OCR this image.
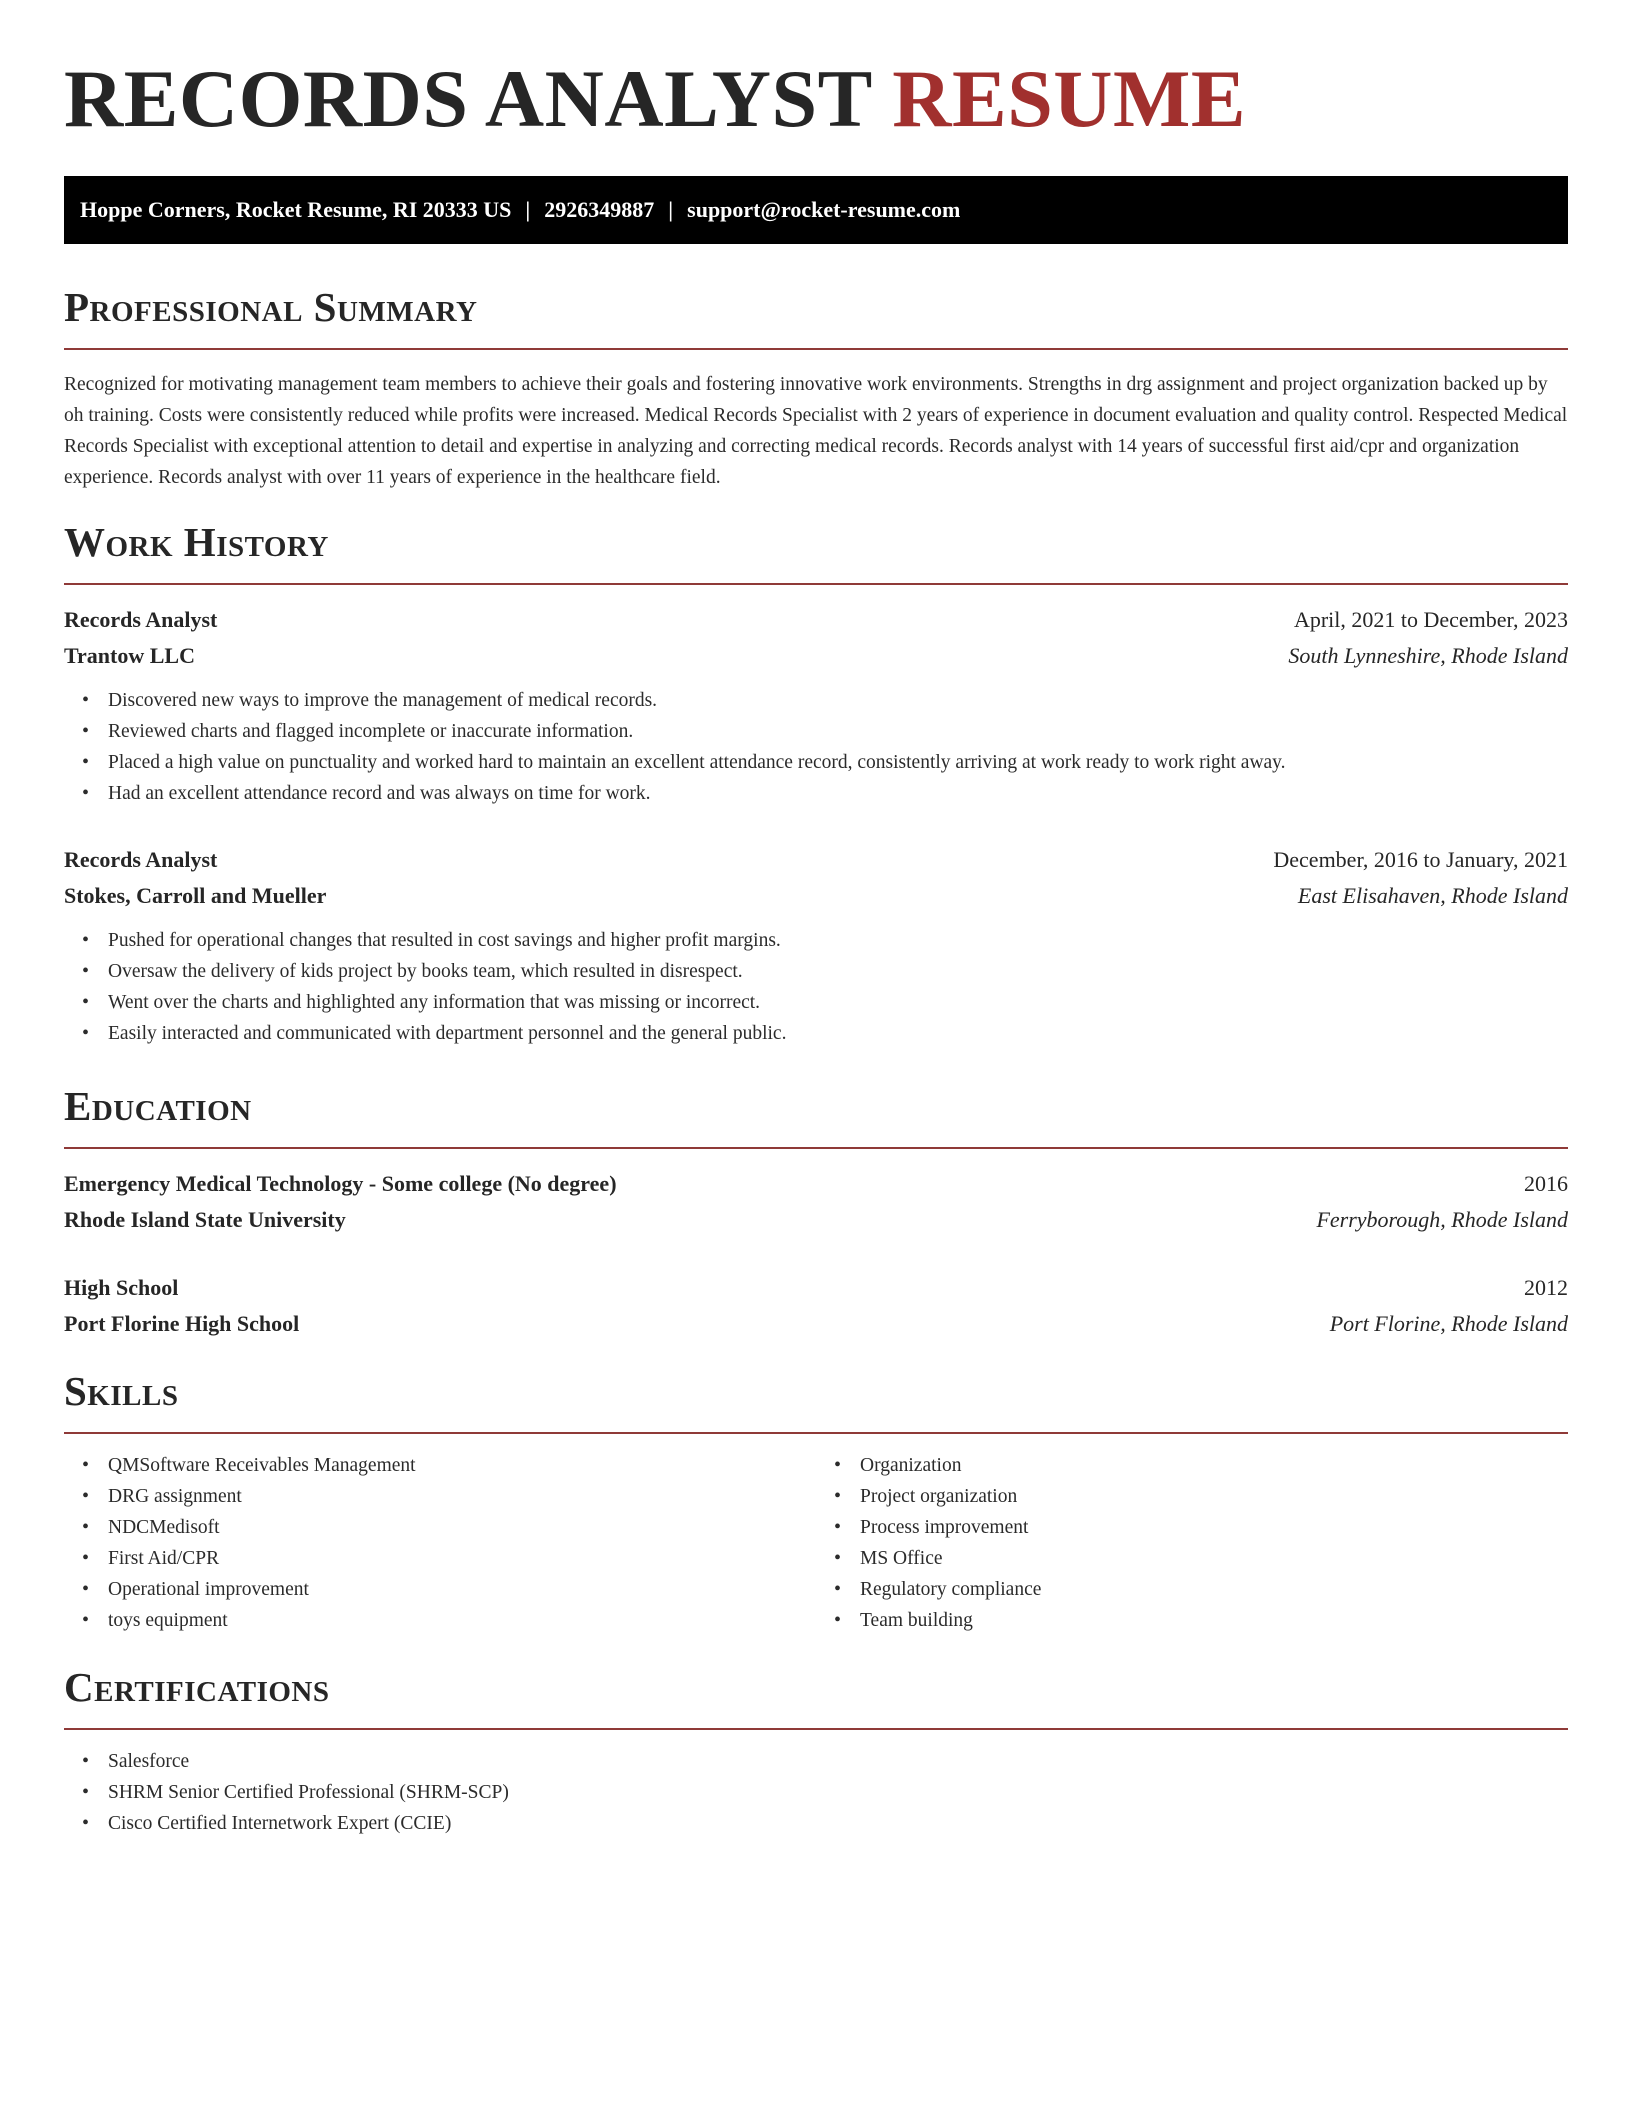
RECORDS ANALYST RESUME
Hoppe Corners, Rocket Resume, RI 20333 US | 2926349887 | support@rocket-resume.com
Professional Summary

Recognized for motivating management team members to achieve their goals and fostering innovative work environments. Strengths in drg assignment and project organization backed up by oh training. Costs were consistently reduced while profits were increased. Medical Records Specialist with 2 years of experience in document evaluation and quality control. Respected Medical Records Specialist with exceptional attention to detail and expertise in analyzing and correcting medical records. Records analyst with 14 years of successful first aid/cpr and organization experience. Records analyst with over 11 years of experience in the healthcare field.

Work History
Records Analyst	April, 2021 to December, 2023
Trantow LLC	South Lynneshire, Rhode Island
• Discovered new ways to improve the management of medical records.
• Reviewed charts and flagged incomplete or inaccurate information.
• Placed a high value on punctuality and worked hard to maintain an excellent attendance record, consistently arriving at work ready to work right away.
• Had an excellent attendance record and was always on time for work.
Records Analyst	December, 2016 to January, 2021
Stokes, Carroll and Mueller	East Elisahaven, Rhode Island
• Pushed for operational changes that resulted in cost savings and higher profit margins.
• Oversaw the delivery of kids project by books team, which resulted in disrespect.
• Went over the charts and highlighted any information that was missing or incorrect.
• Easily interacted and communicated with department personnel and the general public.
Education
Emergency Medical Technology - Some college (No degree)	2016
Rhode Island State University	Ferryborough, Rhode Island
High School	2012
Port Florine High School	Port Florine, Rhode Island
Skills
• QMSoftware Receivables Management
• DRG assignment
• NDCMedisoft
• First Aid/CPR
• Operational improvement
• toys equipment
• Organization
• Project organization
• Process improvement
• MS Office
• Regulatory compliance
• Team building
Certifications
• Salesforce
• SHRM Senior Certified Professional (SHRM-SCP)
• Cisco Certified Internetwork Expert (CCIE)
